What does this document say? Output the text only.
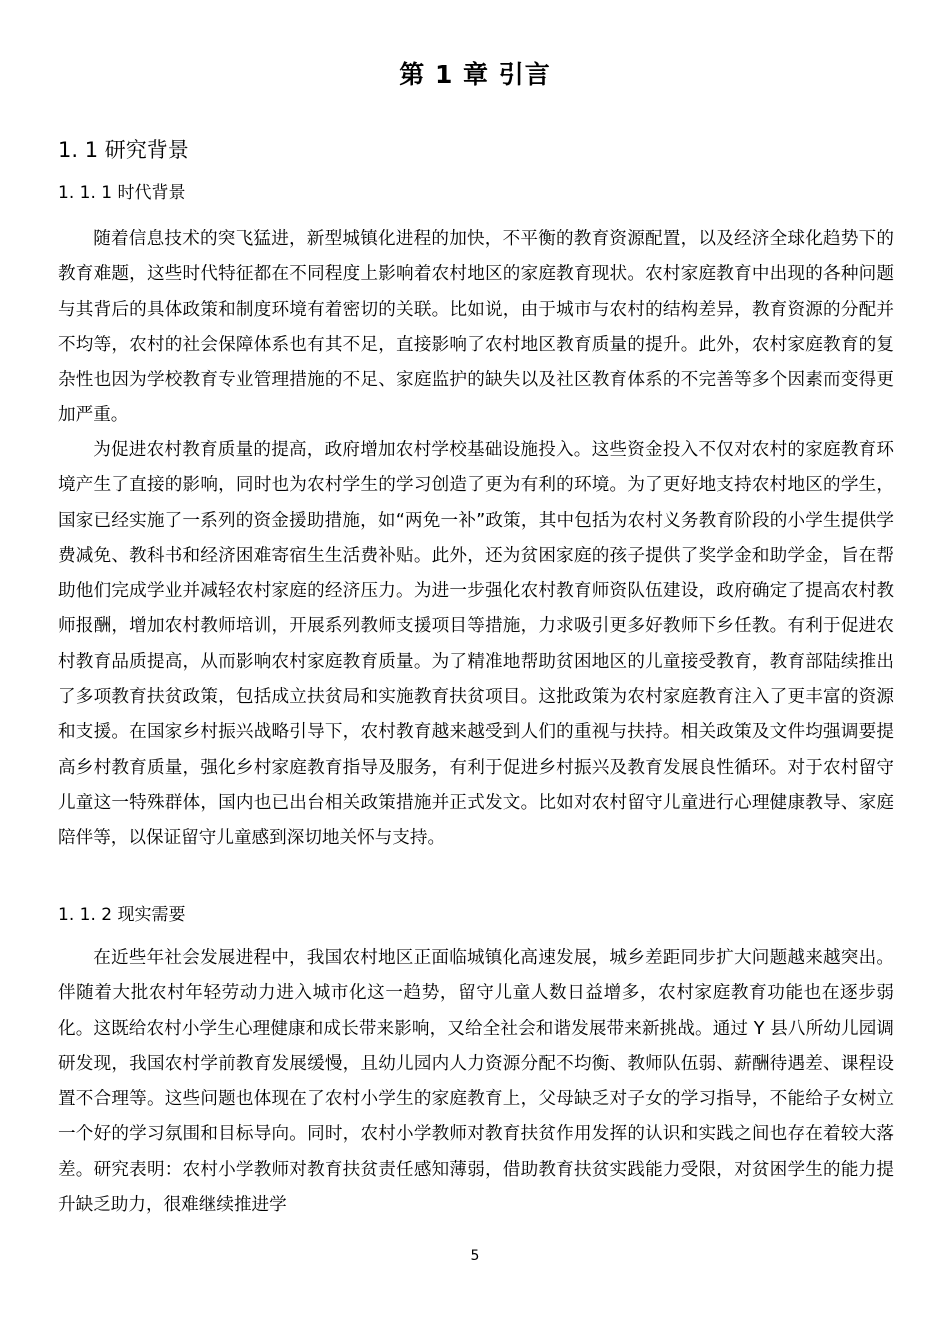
第 1 章 引言
1. 1 研究背景
1. 1. 1 时代背景

随着信息技术的突飞猛进，新型城镇化进程的加快，不平衡的教育资源配置，以及经济全球化趋势下的教育难题，这些时代特征都在不同程度上影响着农村地区的家庭教育现状。农村家庭教育中出现的各种问题与其背后的具体政策和制度环境有着密切的关联。比如说，由于城市与农村的结构差异，教育资源的分配并不均等，农村的社会保障体系也有其不足，直接影响了农村地区教育质量的提升。此外，农村家庭教育的复杂性也因为学校教育专业管理措施的不足、家庭监护的缺失以及社区教育体系的不完善等多个因素而变得更加严重。

为促进农村教育质量的提高，政府增加农村学校基础设施投入。这些资金投入不仅对农村的家庭教育环境产生了直接的影响，同时也为农村学生的学习创造了更为有利的环境。为了更好地支持农村地区的学生，国家已经实施了一系列的资金援助措施，如“两免一补”政策，其中包括为农村义务教育阶段的小学生提供学费减免、教科书和经济困难寄宿生生活费补贴。此外，还为贫困家庭的孩子提供了奖学金和助学金，旨在帮助他们完成学业并减轻农村家庭的经济压力。为进一步强化农村教育师资队伍建设，政府确定了提高农村教师报酬，增加农村教师培训，开展系列教师支援项目等措施，力求吸引更多好教师下乡任教。有利于促进农村教育品质提高，从而影响农村家庭教育质量。为了精准地帮助贫困地区的儿童接受教育，教育部陆续推出了多项教育扶贫政策，包括成立扶贫局和实施教育扶贫项目。这批政策为农村家庭教育注入了更丰富的资源和支援。在国家乡村振兴战略引导下，农村教育越来越受到人们的重视与扶持。相关政策及文件均强调要提高乡村教育质量，强化乡村家庭教育指导及服务，有利于促进乡村振兴及教育发展良性循环。对于农村留守儿童这一特殊群体，国内也已出台相关政策措施并正式发文。比如对农村留守儿童进行心理健康教导、家庭陪伴等，以保证留守儿童感到深切地关怀与支持。

1. 1. 2 现实需要

在近些年社会发展进程中，我国农村地区正面临城镇化高速发展，城乡差距同步扩大问题越来越突出。伴随着大批农村年轻劳动力进入城市化这一趋势，留守儿童人数日益增多，农村家庭教育功能也在逐步弱化。这既给农村小学生心理健康和成长带来影响，又给全社会和谐发展带来新挑战。通过 Y 县八所幼儿园调研发现，我国农村学前教育发展缓慢，且幼儿园内人力资源分配不均衡、教师队伍弱、薪酬待遇差、课程设置不合理等。这些问题也体现在了农村小学生的家庭教育上，父母缺乏对子女的学习指导，不能给子女树立一个好的学习氛围和目标导向。同时，农村小学教师对教育扶贫作用发挥的认识和实践之间也存在着较大落差。研究表明：农村小学教师对教育扶贫责任感知薄弱，借助教育扶贫实践能力受限，对贫困学生的能力提升缺乏助力，很难继续推进学

5
